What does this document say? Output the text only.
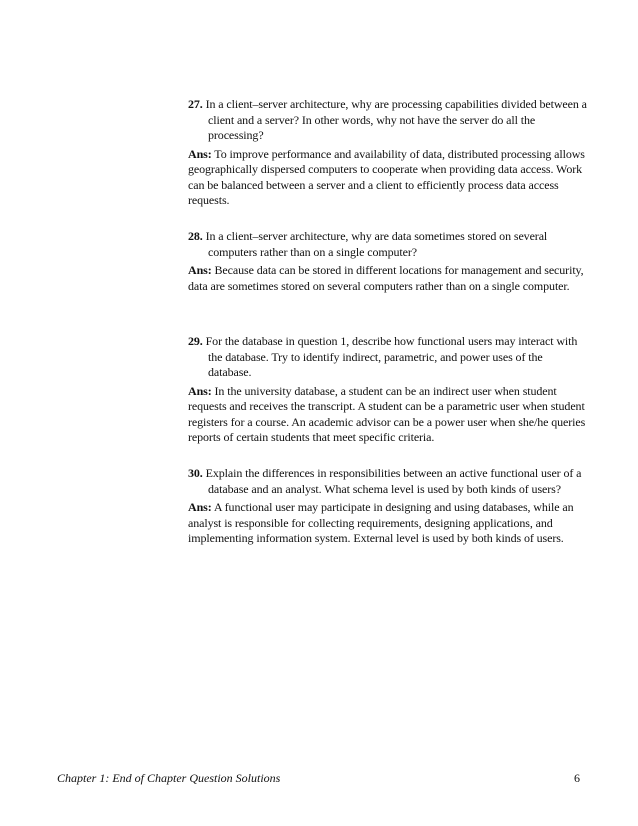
27. In a client–server architecture, why are processing capabilities divided between a client and a server? In other words, why not have the server do all the processing?

Ans: To improve performance and availability of data, distributed processing allows geographically dispersed computers to cooperate when providing data access. Work can be balanced between a server and a client to efficiently process data access requests.

28. In a client–server architecture, why are data sometimes stored on several computers rather than on a single computer?

Ans: Because data can be stored in different locations for management and security, data are sometimes stored on several computers rather than on a single computer.

29. For the database in question 1, describe how functional users may interact with the database. Try to identify indirect, parametric, and power uses of the database.

Ans: In the university database, a student can be an indirect user when student requests and receives the transcript. A student can be a parametric user when student registers for a course. An academic advisor can be a power user when she/he queries reports of certain students that meet specific criteria.

30. Explain the differences in responsibilities between an active functional user of a database and an analyst. What schema level is used by both kinds of users?

Ans: A functional user may participate in designing and using databases, while an analyst is responsible for collecting requirements, designing applications, and implementing information system. External level is used by both kinds of users.

Chapter 1: End of Chapter Question Solutions	6
